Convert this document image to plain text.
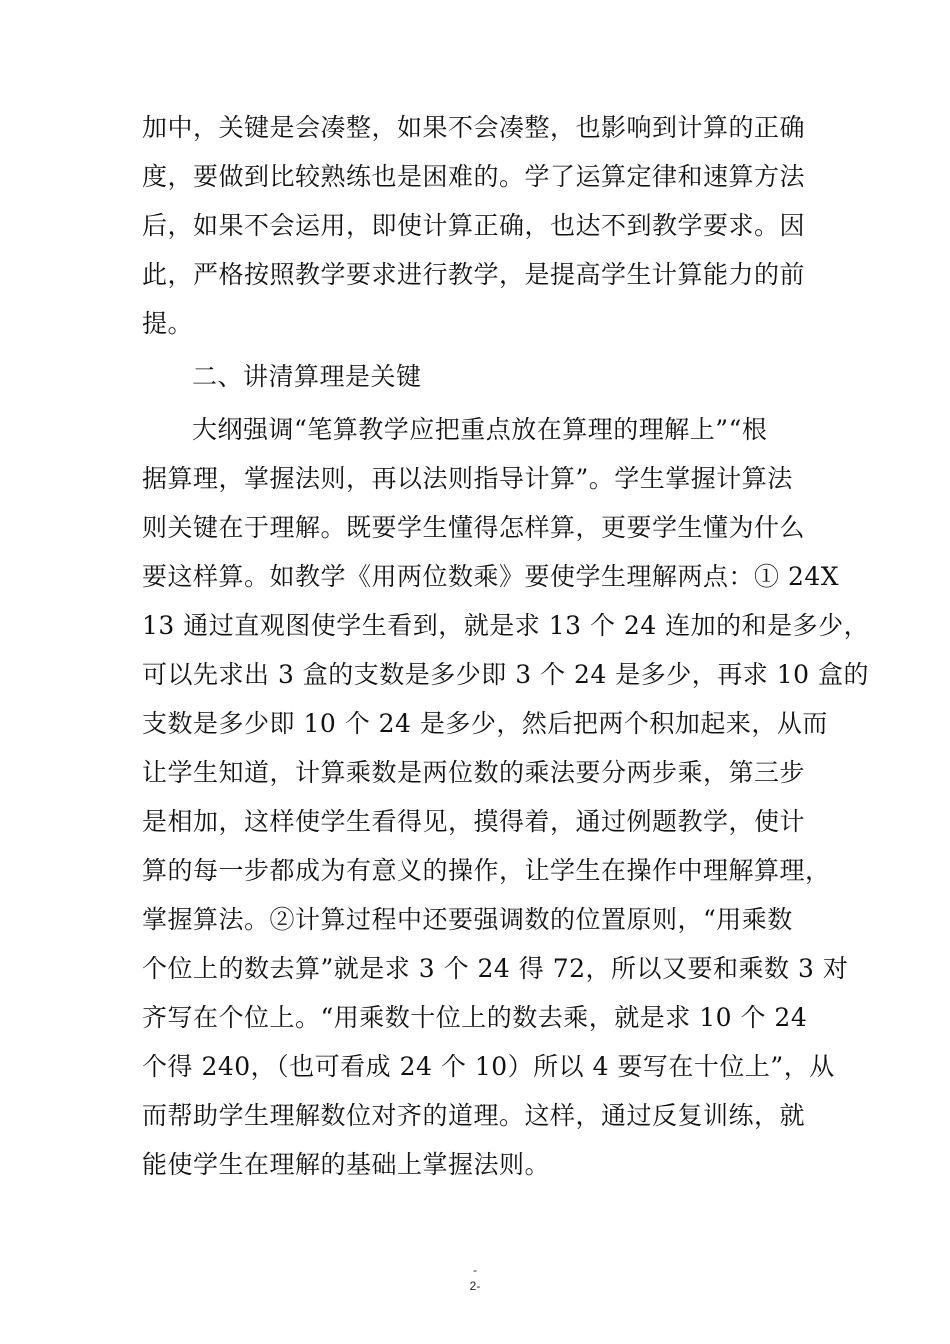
加中，关键是会凑整，如果不会凑整，也影响到计算的正确
度，要做到比较熟练也是困难的。学了运算定律和速算方法
后，如果不会运用，即使计算正确，也达不到教学要求。因
此，严格按照教学要求进行教学，是提高学生计算能力的前
提。
二、讲清算理是关键
大纲强调“笔算教学应把重点放在算理的理解上”“根
据算理，掌握法则，再以法则指导计算”。学生掌握计算法
则关键在于理解。既要学生懂得怎样算，更要学生懂为什么
要这样算。如教学《用两位数乘》要使学生理解两点：① 24X
13 通过直观图使学生看到，就是求 13 个 24 连加的和是多少，
可以先求出 3 盒的支数是多少即 3 个 24 是多少，再求 10 盒的
支数是多少即 10 个 24 是多少，然后把两个积加起来，从而
让学生知道，计算乘数是两位数的乘法要分两步乘，第三步
是相加，这样使学生看得见，摸得着，通过例题教学，使计
算的每一步都成为有意义的操作，让学生在操作中理解算理，
掌握算法。②计算过程中还要强调数的位置原则，“用乘数
个位上的数去算”就是求 3 个 24 得 72，所以又要和乘数 3 对
齐写在个位上。“用乘数十位上的数去乘，就是求 10 个 24
个得 240，（也可看成 24 个 10）所以 4 要写在十位上”，从
而帮助学生理解数位对齐的道理。这样，通过反复训练，就
能使学生在理解的基础上掌握法则。
-
2-
